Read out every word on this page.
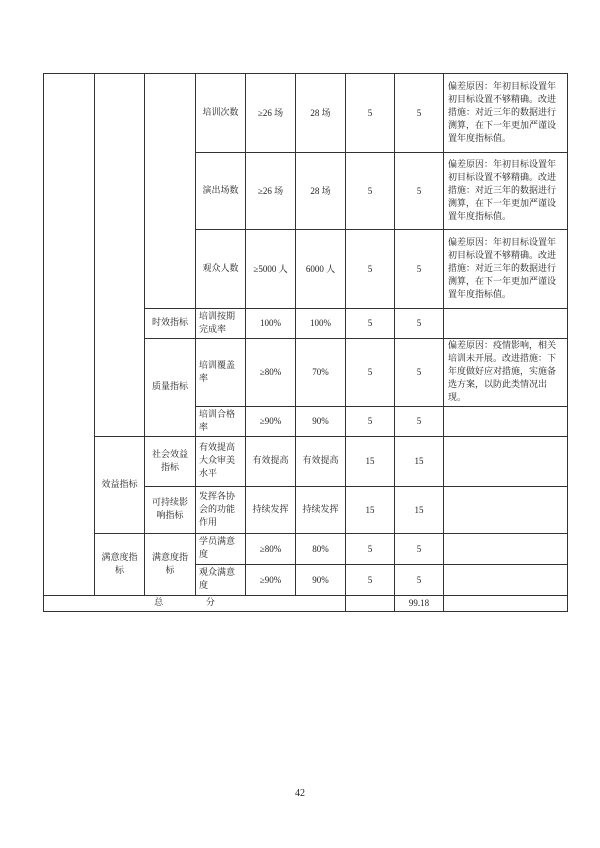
			培训次数	≥26 场	28 场	5	5	偏差原因：年初目标设置年初目标设置不够精确。改进措施：对近三年的数据进行测算，在下一年更加严谨设置年度指标值。
			演出场数	≥26 场	28 场	5	5	偏差原因：年初目标设置年初目标设置不够精确。改进措施：对近三年的数据进行测算，在下一年更加严谨设置年度指标值。
			观众人数	≥5000 人	6000 人	5	5	偏差原因：年初目标设置年初目标设置不够精确。改进措施：对近三年的数据进行测算，在下一年更加严谨设置年度指标值。
		时效指标	培训按期完成率	100%	100%	5	5	
		质量指标	培训覆盖率	≥80%	70%	5	5	偏差原因：疫情影响，相关培训未开展。改进措施：下年度做好应对措施，实施备选方案，以防此类情况出现。
			培训合格率	≥90%	90%	5	5	
	效益指标	社会效益指标	有效提高大众审美水平	有效提高	有效提高	15	15	
		可持续影响指标	发挥各协会的功能作用	持续发挥	持续发挥	15	15	
	满意度指标	满意度指标	学员满意度	≥80%	80%	5	5	
			观众满意度	≥90%	90%	5	5	
总 分							99.18	
42
